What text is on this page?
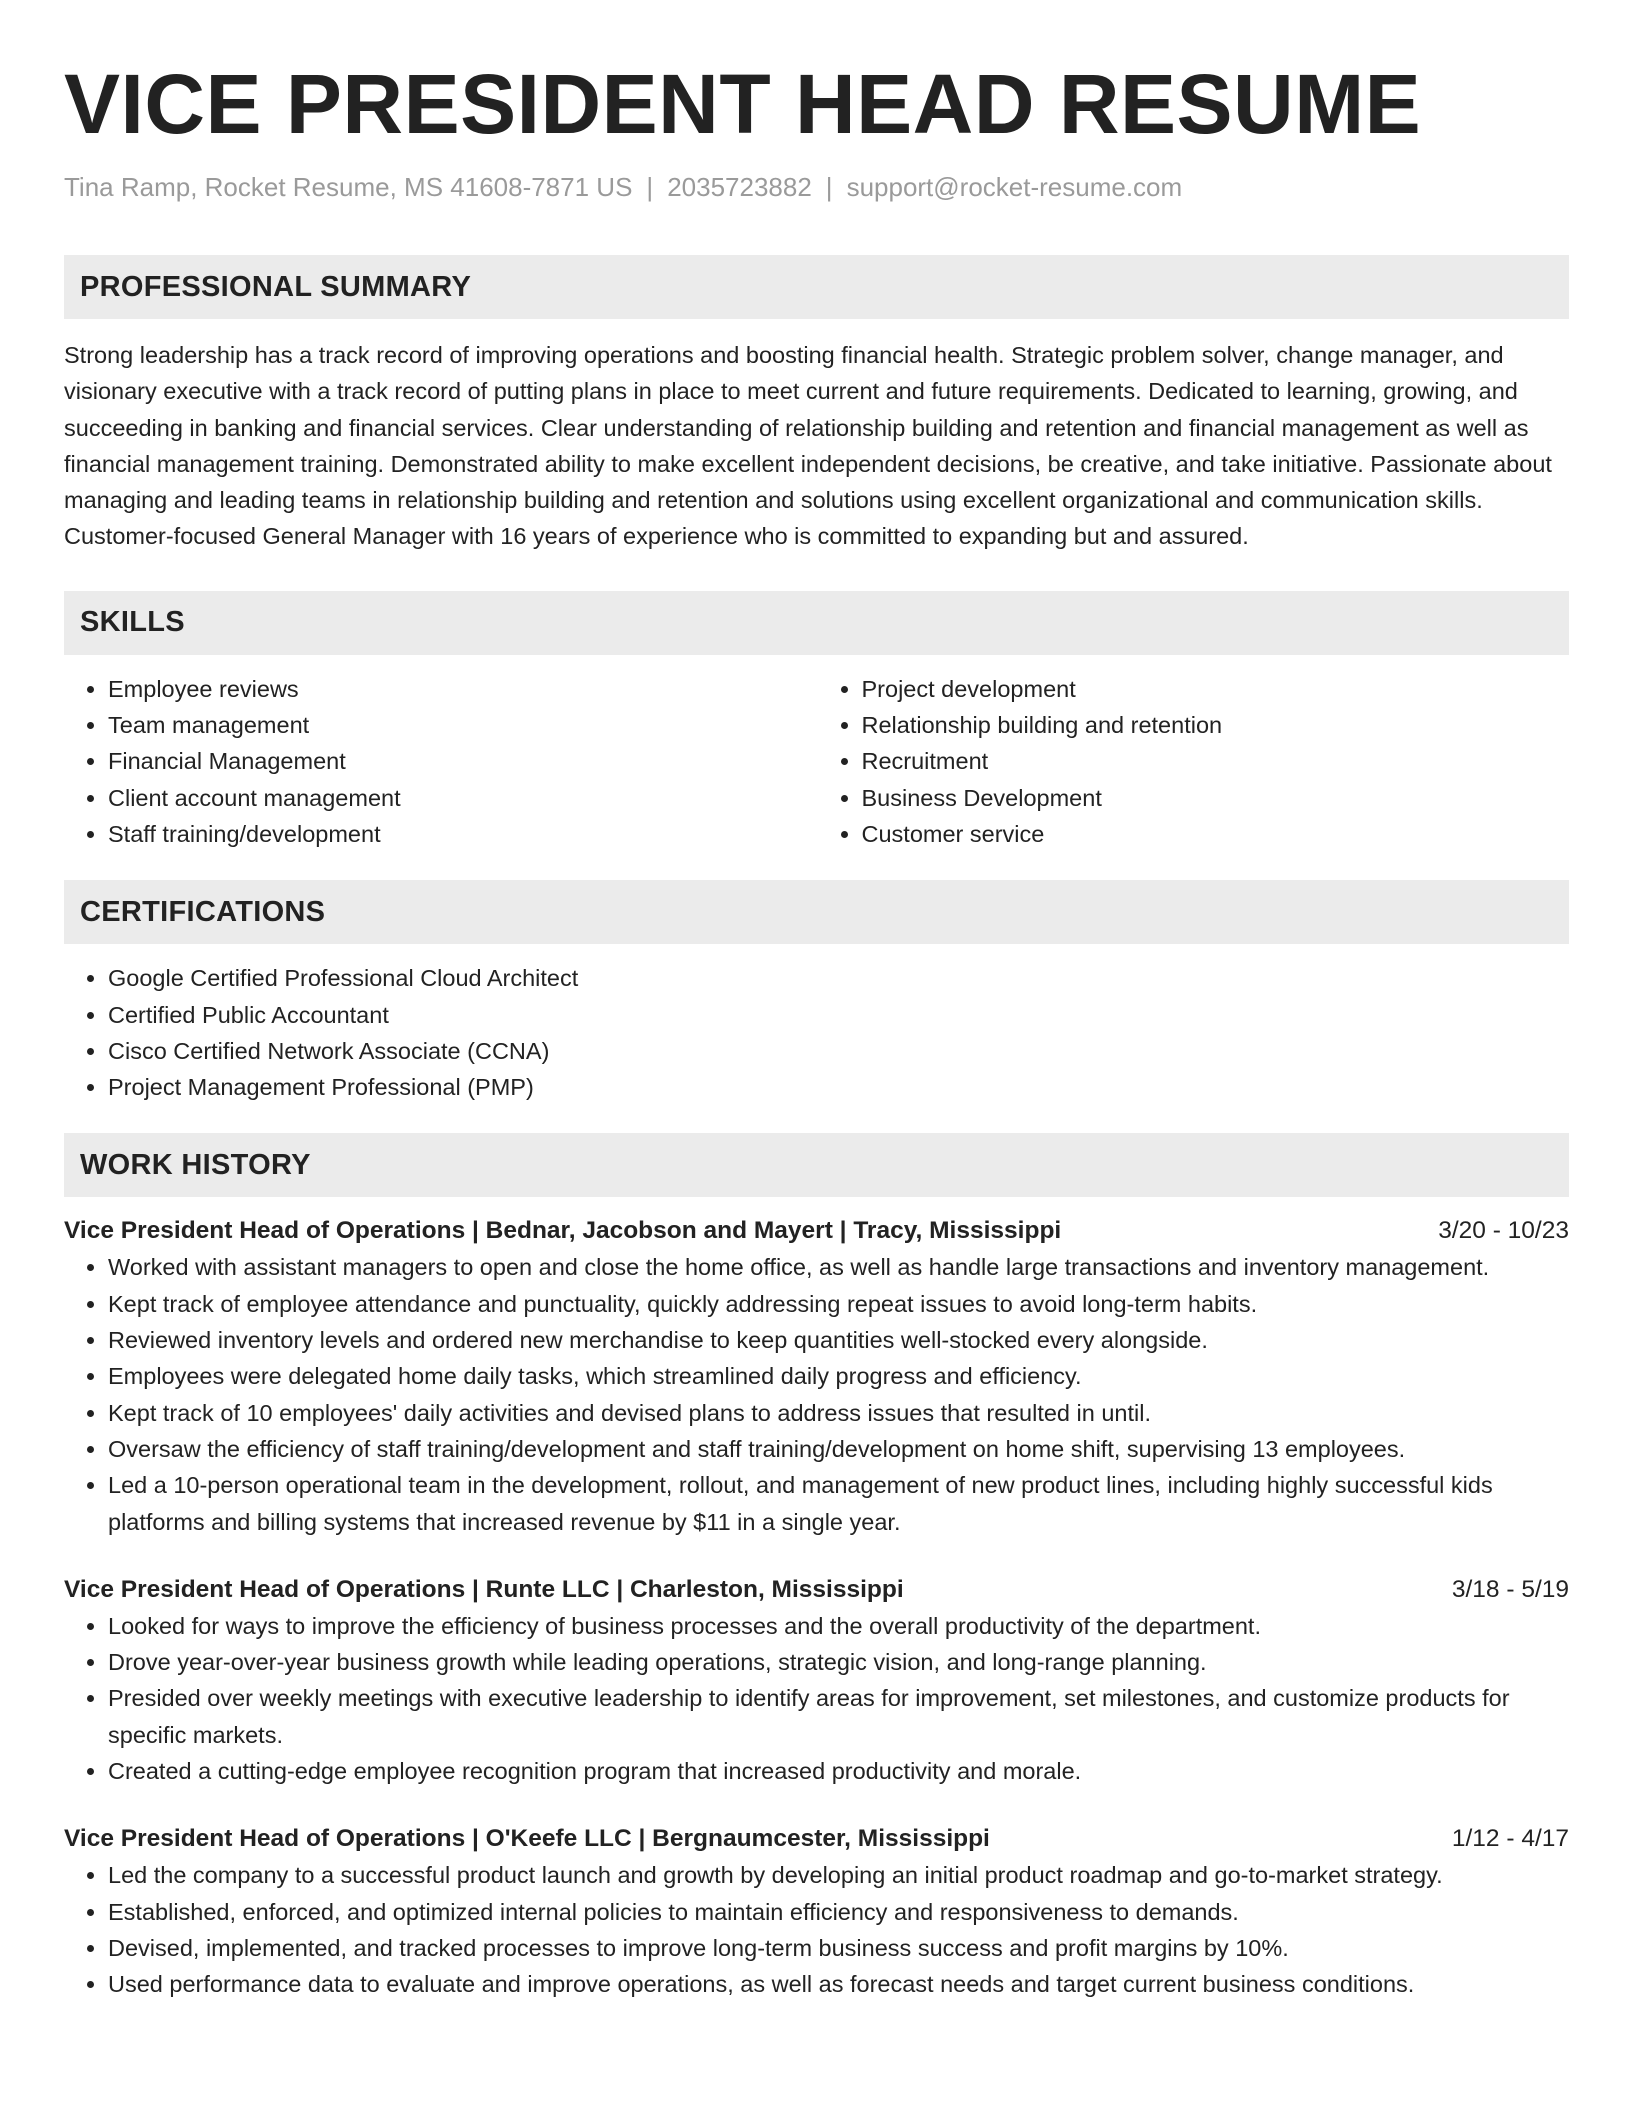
VICE PRESIDENT HEAD RESUME
Tina Ramp, Rocket Resume, MS 41608-7871 US | 2035723882 | support@rocket-resume.com
PROFESSIONAL SUMMARY

Strong leadership has a track record of improving operations and boosting financial health. Strategic problem solver, change manager, and visionary executive with a track record of putting plans in place to meet current and future requirements. Dedicated to learning, growing, and succeeding in banking and financial services. Clear understanding of relationship building and retention and financial management as well as financial management training. Demonstrated ability to make excellent independent decisions, be creative, and take initiative. Passionate about managing and leading teams in relationship building and retention and solutions using excellent organizational and communication skills. Customer-focused General Manager with 16 years of experience who is committed to expanding but and assured.

SKILLS
• Employee reviews
• Team management
• Financial Management
• Client account management
• Staff training/development
• Project development
• Relationship building and retention
• Recruitment
• Business Development
• Customer service
CERTIFICATIONS
• Google Certified Professional Cloud Architect
• Certified Public Accountant
• Cisco Certified Network Associate (CCNA)
• Project Management Professional (PMP)
WORK HISTORY
Vice President Head of Operations | Bednar, Jacobson and Mayert | Tracy, Mississippi	3/20 - 10/23
• Worked with assistant managers to open and close the home office, as well as handle large transactions and inventory management.
• Kept track of employee attendance and punctuality, quickly addressing repeat issues to avoid long-term habits.
• Reviewed inventory levels and ordered new merchandise to keep quantities well-stocked every alongside.
• Employees were delegated home daily tasks, which streamlined daily progress and efficiency.
• Kept track of 10 employees' daily activities and devised plans to address issues that resulted in until.
• Oversaw the efficiency of staff training/development and staff training/development on home shift, supervising 13 employees.
• Led a 10-person operational team in the development, rollout, and management of new product lines, including highly successful kids platforms and billing systems that increased revenue by $11 in a single year.
Vice President Head of Operations | Runte LLC | Charleston, Mississippi	3/18 - 5/19
• Looked for ways to improve the efficiency of business processes and the overall productivity of the department.
• Drove year-over-year business growth while leading operations, strategic vision, and long-range planning.
• Presided over weekly meetings with executive leadership to identify areas for improvement, set milestones, and customize products for specific markets.
• Created a cutting-edge employee recognition program that increased productivity and morale.
Vice President Head of Operations | O'Keefe LLC | Bergnaumcester, Mississippi	1/12 - 4/17
• Led the company to a successful product launch and growth by developing an initial product roadmap and go-to-market strategy.
• Established, enforced, and optimized internal policies to maintain efficiency and responsiveness to demands.
• Devised, implemented, and tracked processes to improve long-term business success and profit margins by 10%.
• Used performance data to evaluate and improve operations, as well as forecast needs and target current business conditions.
